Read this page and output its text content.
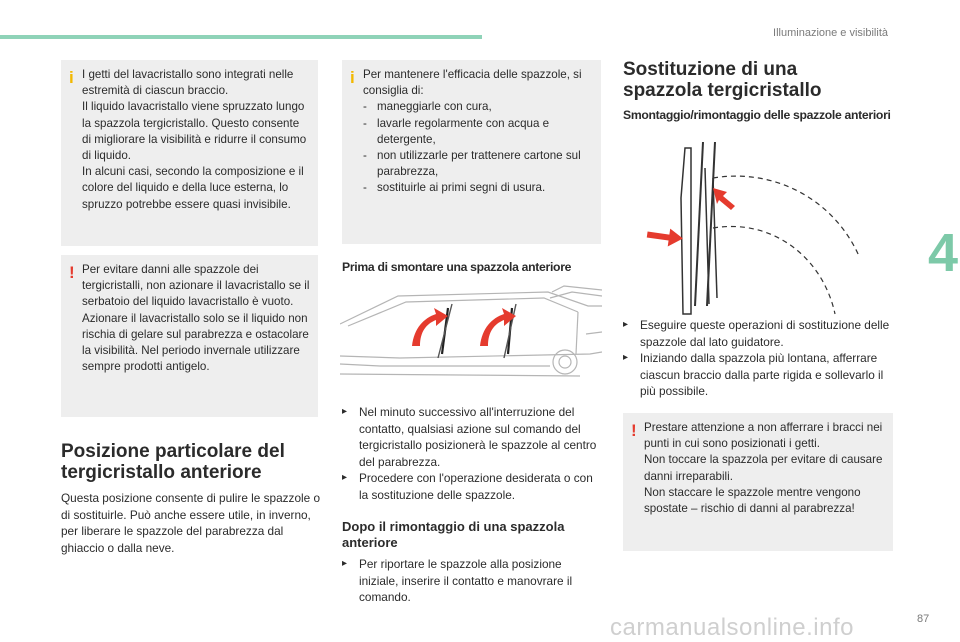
Illuminazione e visibilità
4
i I getti del lavacristallo sono integrati nelle estremità di ciascun braccio.

Il liquido lavacristallo viene spruzzato lungo la spazzola tergicristallo. Questo consente di migliorare la visibilità e ridurre il consumo di liquido.

In alcuni casi, secondo la composizione e il colore del liquido e della luce esterna, lo spruzzo potrebbe essere quasi invisibile.

! Per evitare danni alle spazzole dei tergicristalli, non azionare il lavacristallo se il serbatoio del liquido lavacristallo è vuoto.

Azionare il lavacristallo solo se il liquido non rischia di gelare sul parabrezza e ostacolare la visibilità. Nel periodo invernale utilizzare sempre prodotti antigelo.

Posizione particolare del tergicristallo anteriore
Questa posizione consente di pulire le spazzole o di sostituirle. Può anche essere utile, in inverno, per liberare le spazzole del parabrezza dal ghiaccio o dalla neve.
i Per mantenere l'efficacia delle spazzole, si consiglia di:

- maneggiarle con cura,
- lavarle regolarmente con acqua e detergente,
- non utilizzarle per trattenere cartone sul parabrezza,
- sostituirle ai primi segni di usura.
Prima di smontare una spazzola anteriore
▸ Nel minuto successivo all'interruzione del contatto, qualsiasi azione sul comando del tergicristallo posizionerà le spazzole al centro del parabrezza.
▸ Procedere con l'operazione desiderata o con la sostituzione delle spazzole.
Dopo il rimontaggio di una spazzola anteriore
▸ Per riportare le spazzole alla posizione iniziale, inserire il contatto e manovrare il comando.
Sostituzione di una spazzola tergicristallo
Smontaggio/rimontaggio delle spazzole anteriori
▸ Eseguire queste operazioni di sostituzione delle spazzole dal lato guidatore.
▸ Iniziando dalla spazzola più lontana, afferrare ciascun braccio dalla parte rigida e sollevarlo il più possibile.
! Prestare attenzione a non afferrare i bracci nei punti in cui sono posizionati i getti.

Non toccare la spazzola per evitare di causare danni irreparabili.

Non staccare le spazzole mentre vengono spostate – rischio di danni al parabrezza!

carmanualsonline.info	87
